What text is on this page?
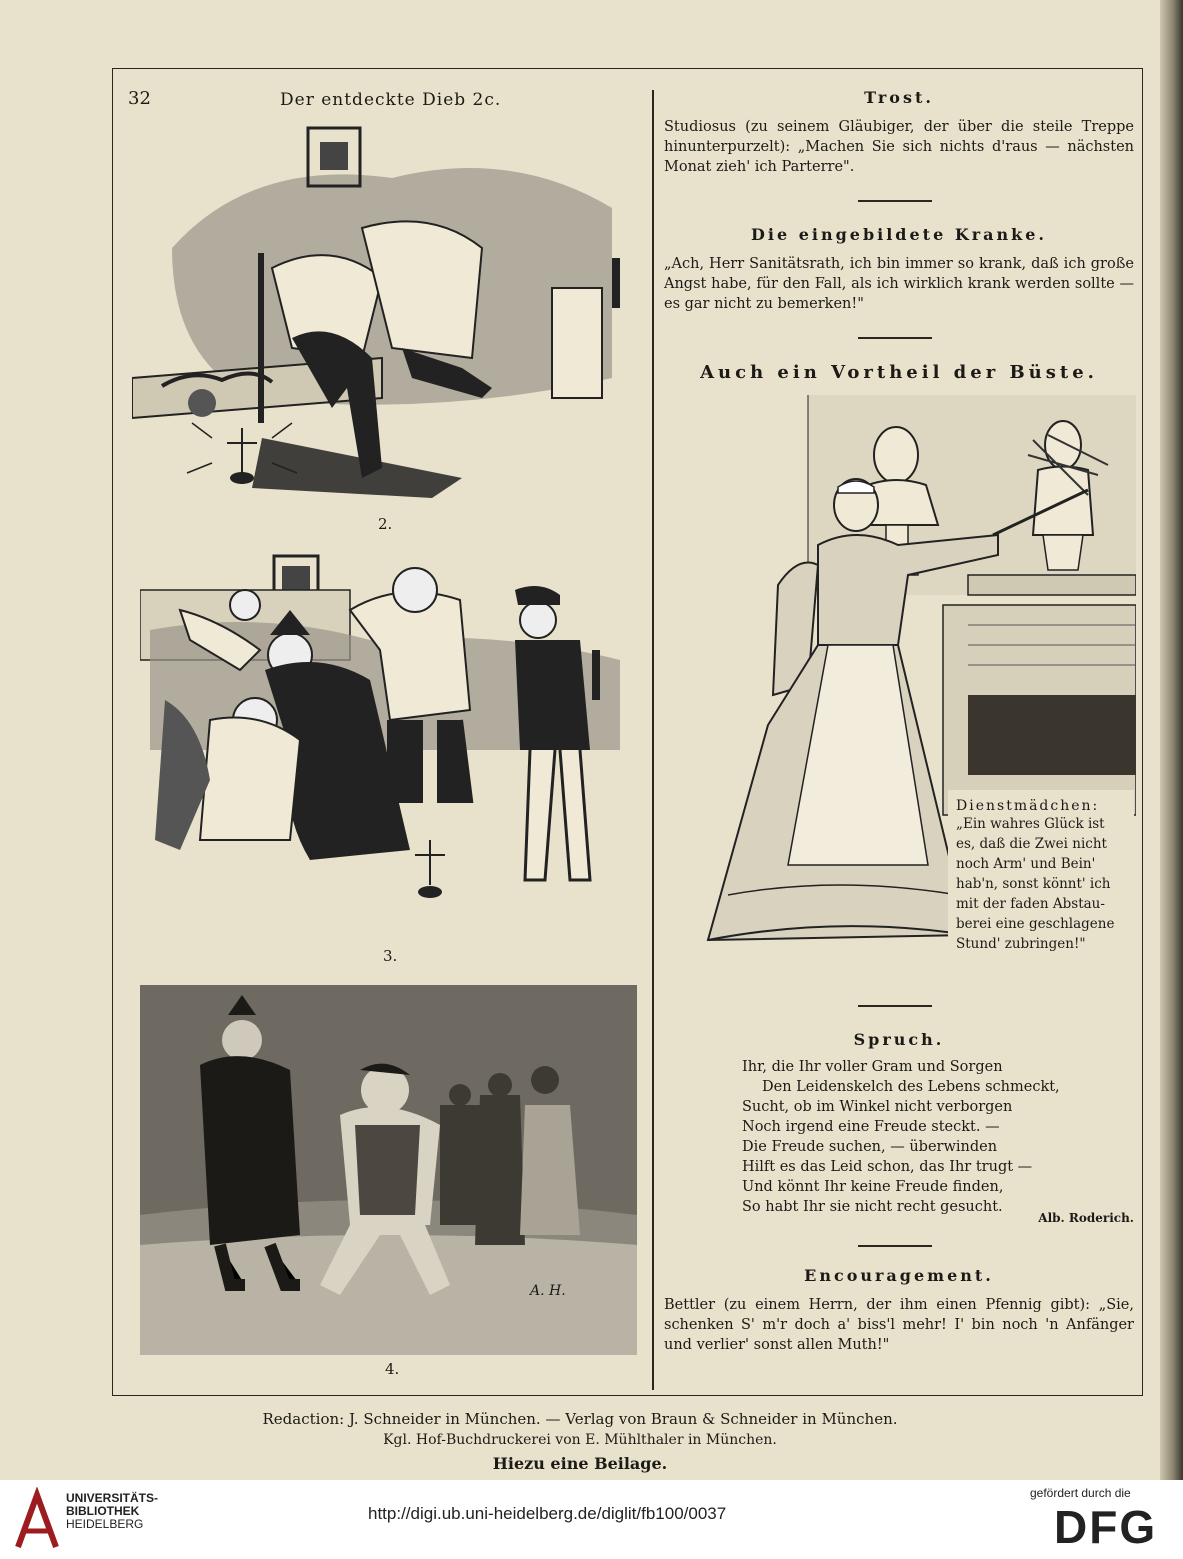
32	Der entdeckte Dieb 2c.
2.
3.
A. H.
4.
Trost.
Studiosus (zu seinem Gläubiger, der über die steile Treppe hinunterpurzelt): „Machen Sie sich nichts d'raus — nächsten Monat zieh' ich Parterre".
Die eingebildete Kranke.
„Ach, Herr Sanitätsrath, ich bin immer so krank, daß ich große Angst habe, für den Fall, als ich wirklich krank werden sollte — es gar nicht zu bemerken!"
Auch ein Vortheil der Büste.
Dienstmädchen:
„Ein wahres Glück ist
es, daß die Zwei nicht
noch Arm' und Bein'
hab'n, sonst könnt' ich
mit der faden Abstau-
berei eine geschlagene
Stund' zubringen!"
Spruch.
Ihr, die Ihr voller Gram und Sorgen
Den Leidenskelch des Lebens schmeckt,
Sucht, ob im Winkel nicht verborgen
Noch irgend eine Freude steckt. —
Die Freude suchen, — überwinden
Hilft es das Leid schon, das Ihr trugt —
Und könnt Ihr keine Freude finden,
So habt Ihr sie nicht recht gesucht.
Alb. Roderich.
Encouragement.
Bettler (zu einem Herrn, der ihm einen Pfennig gibt): „Sie, schenken S' m'r doch a' biss'l mehr! I' bin noch 'n Anfänger und verlier' sonst allen Muth!"
Redaction: J. Schneider in München. — Verlag von Braun & Schneider in München.
Kgl. Hof-Buchdruckerei von E. Mühlthaler in München.
Hiezu eine Beilage.
UNIVERSITÄTS-
BIBLIOTHEK
HEIDELBERG
http://digi.ub.uni-heidelberg.de/diglit/fb100/0037
gefördert durch die
DFG
